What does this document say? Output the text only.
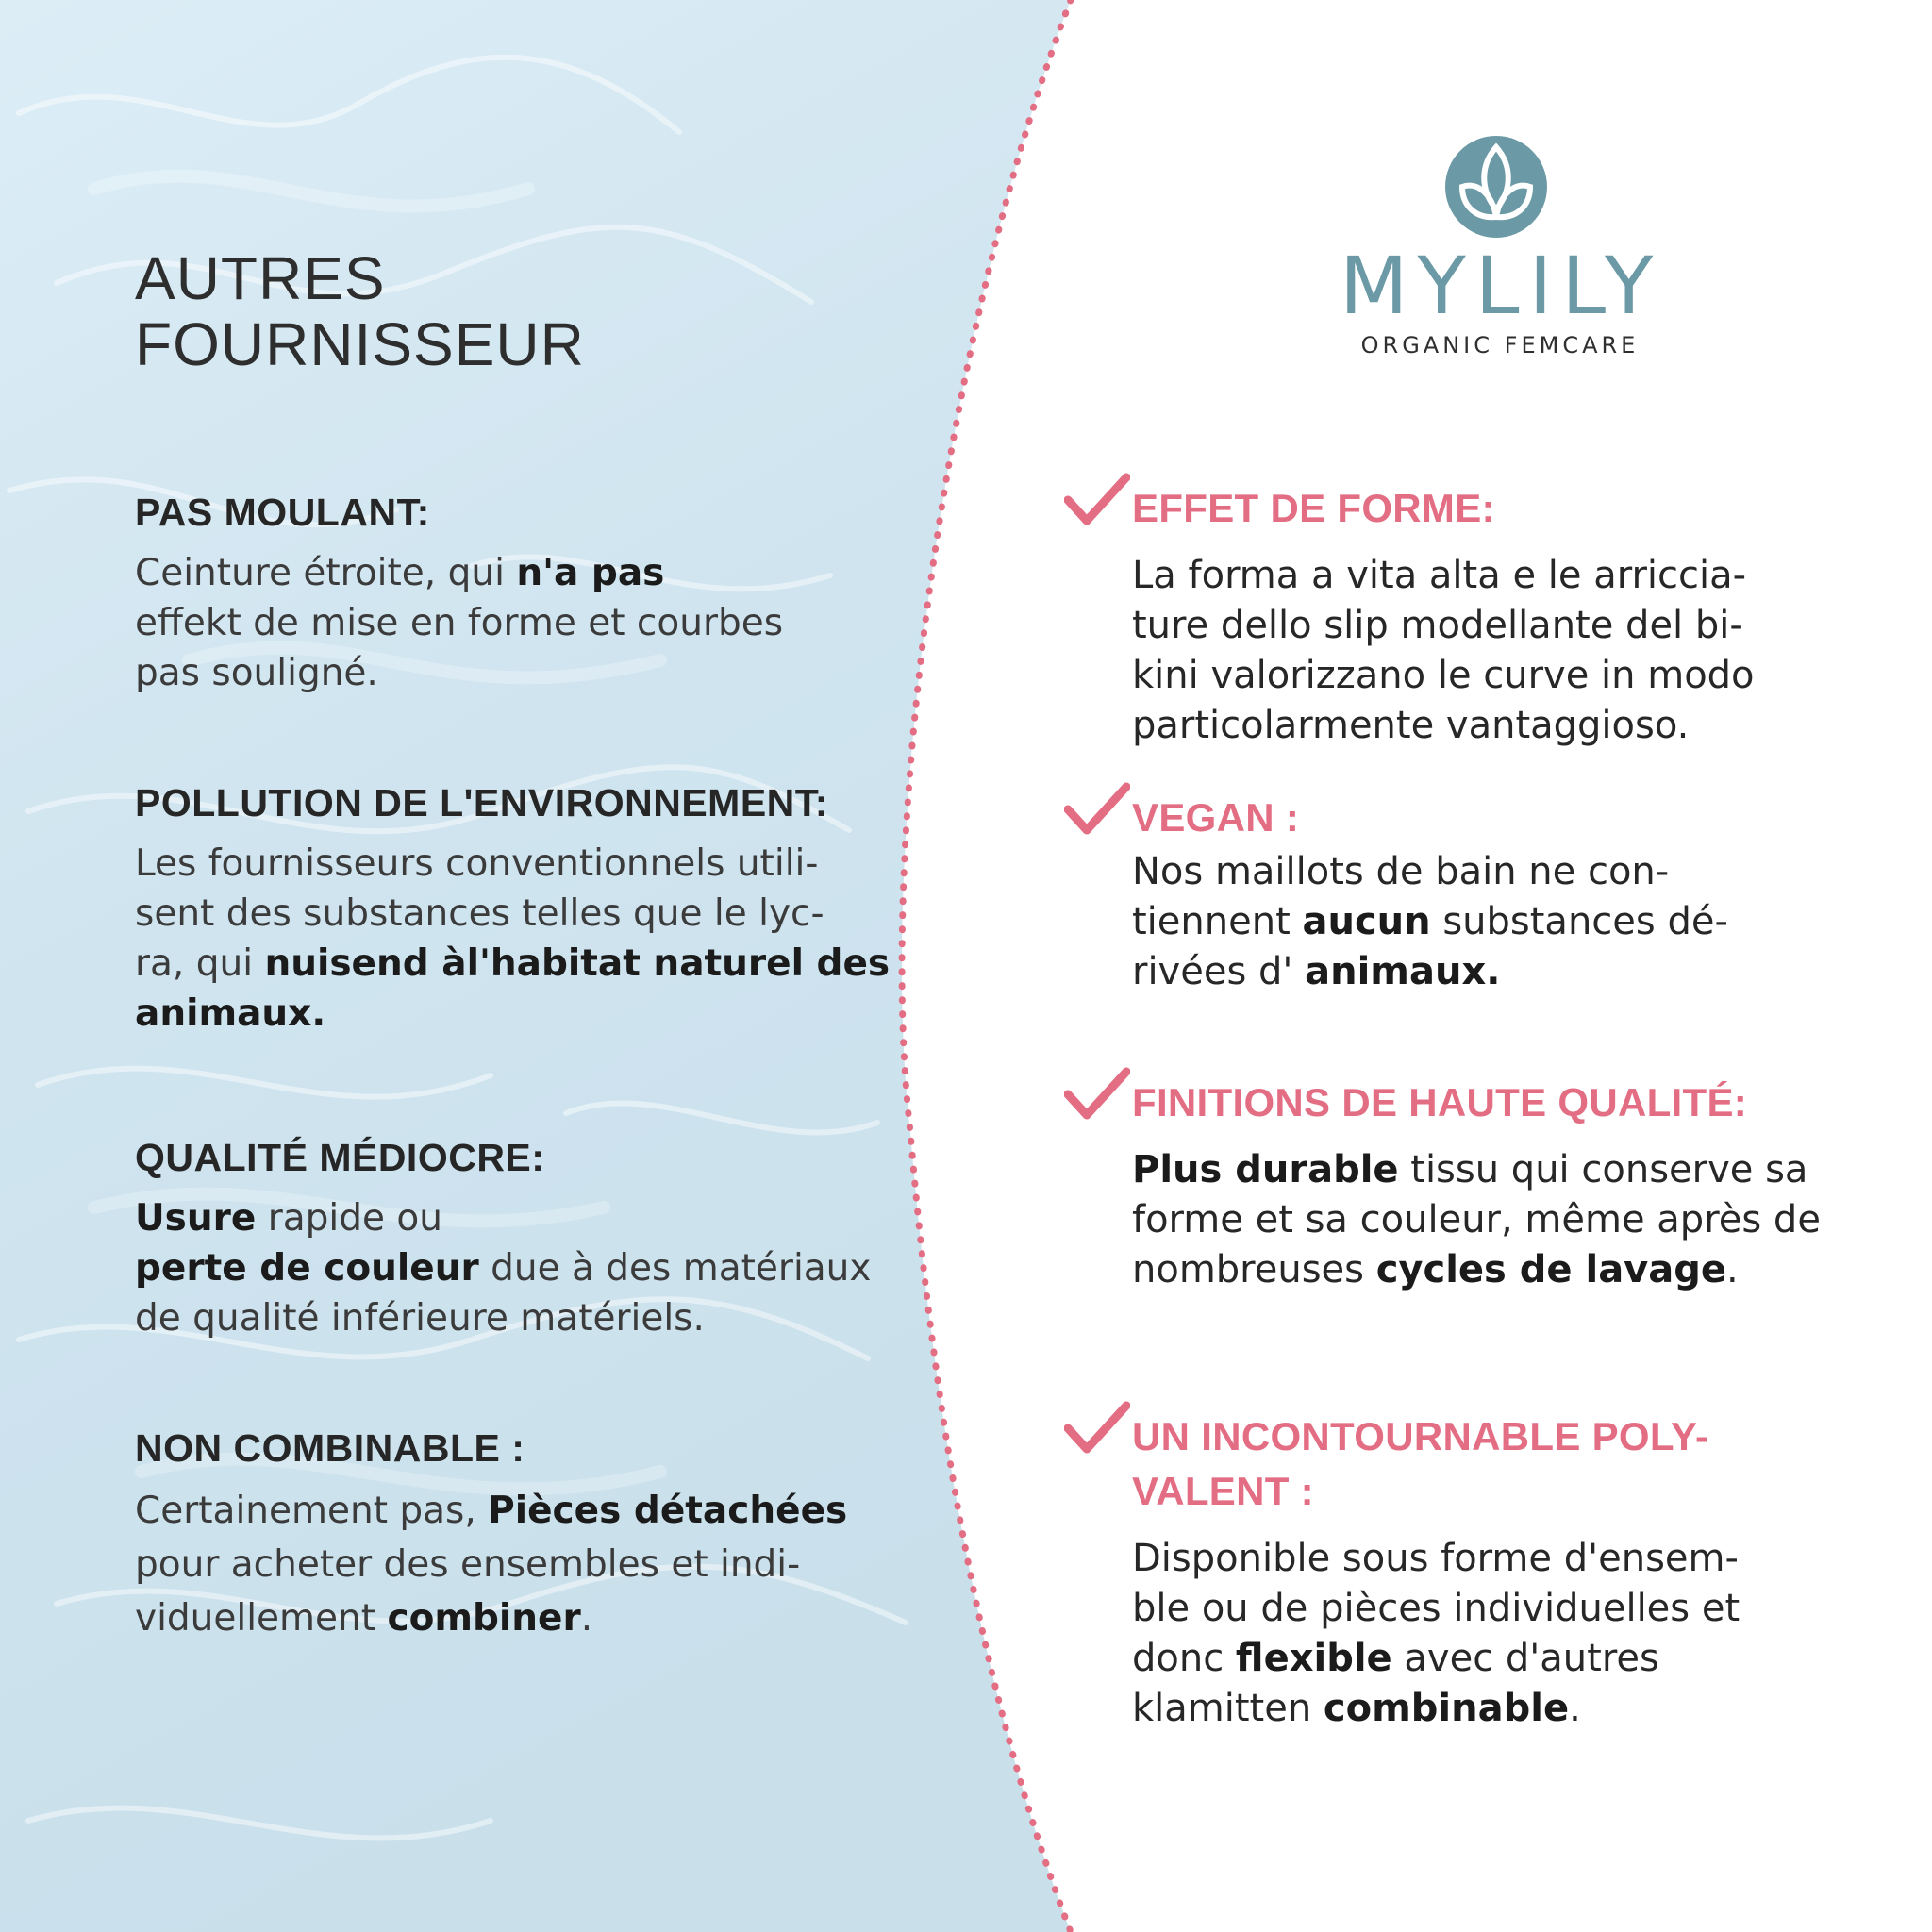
AUTRES
FOURNISSEUR
PAS MOULANT:

Ceinture étroite, qui n'a pas
effekt de mise en forme et courbes
pas souligné.

POLLUTION DE L'ENVIRONNEMENT:

Les fournisseurs conventionnels utili-
sent des substances telles que le lyc-
ra, qui nuisend àl'habitat naturel des
animaux.

QUALITÉ MÉDIOCRE:

Usure rapide ou
perte de couleur due à des matériaux
de qualité inférieure matériels.

NON COMBINABLE :

Certainement pas, Pièces détachées
pour acheter des ensembles et indi-
viduellement combiner.

MYLILY
ORGANIC FEMCARE
EFFET DE FORME:

La forma a vita alta e le arriccia-
ture dello slip modellante del bi-
kini valorizzano le curve in modo
particolarmente vantaggioso.

VEGAN :

Nos maillots de bain ne con-
tiennent aucun substances dé-
rivées d' animaux.

FINITIONS DE HAUTE QUALITÉ:

Plus durable tissu qui conserve sa
forme et sa couleur, même après de
nombreuses cycles de lavage.

UN INCONTOURNABLE POLY-
VALENT :

Disponible sous forme d'ensem-
ble ou de pièces individuelles et
donc flexible avec d'autres
klamitten combinable.
